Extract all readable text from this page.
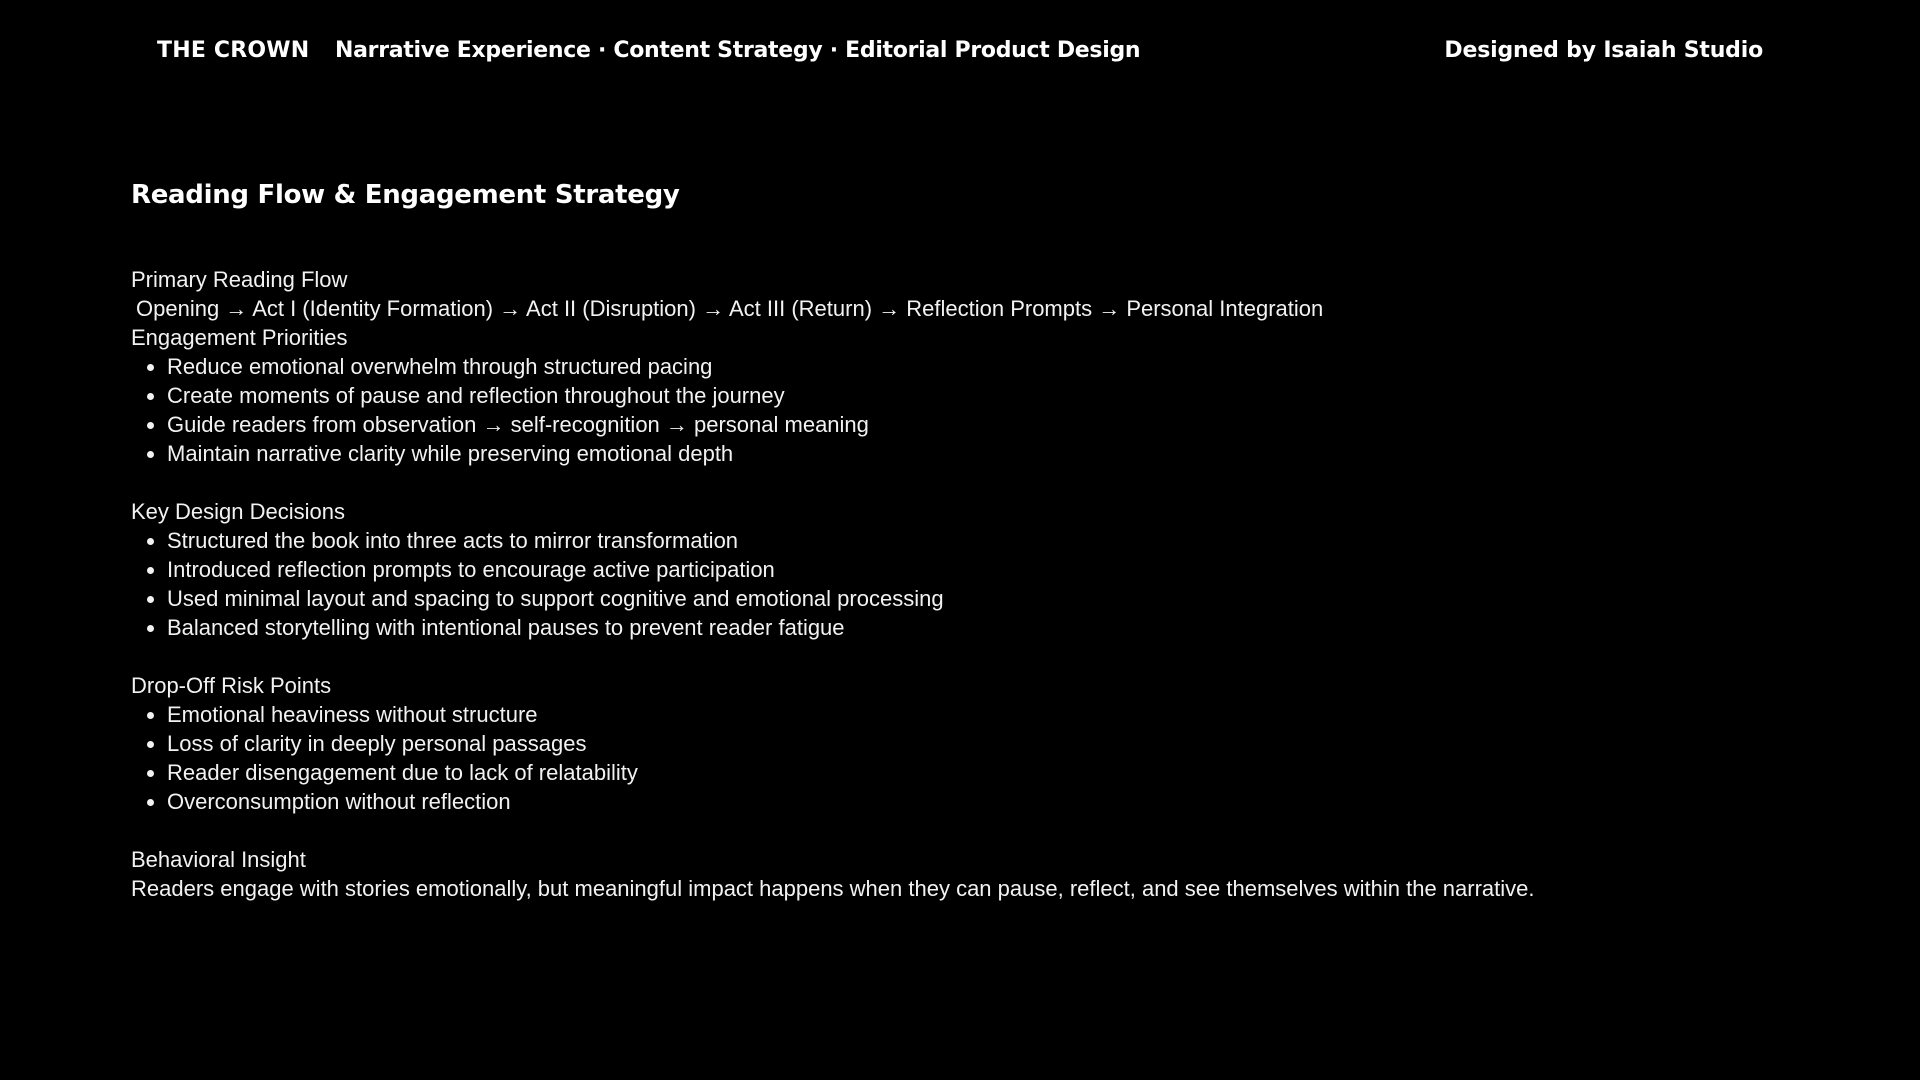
THE CROWN Narrative Experience · Content Strategy · Editorial Product Design	Designed by Isaiah Studio
Reading Flow & Engagement Strategy

Primary Reading Flow

Opening → Act I (Identity Formation) → Act II (Disruption) → Act III (Return) → Reflection Prompts → Personal Integration

Engagement Priorities

• Reduce emotional overwhelm through structured pacing
• Create moments of pause and reflection throughout the journey
• Guide readers from observation → self-recognition → personal meaning
• Maintain narrative clarity while preserving emotional depth

Key Design Decisions

• Structured the book into three acts to mirror transformation
• Introduced reflection prompts to encourage active participation
• Used minimal layout and spacing to support cognitive and emotional processing
• Balanced storytelling with intentional pauses to prevent reader fatigue

Drop-Off Risk Points

• Emotional heaviness without structure
• Loss of clarity in deeply personal passages
• Reader disengagement due to lack of relatability
• Overconsumption without reflection

Behavioral Insight

Readers engage with stories emotionally, but meaningful impact happens when they can pause, reflect, and see themselves within the narrative.
